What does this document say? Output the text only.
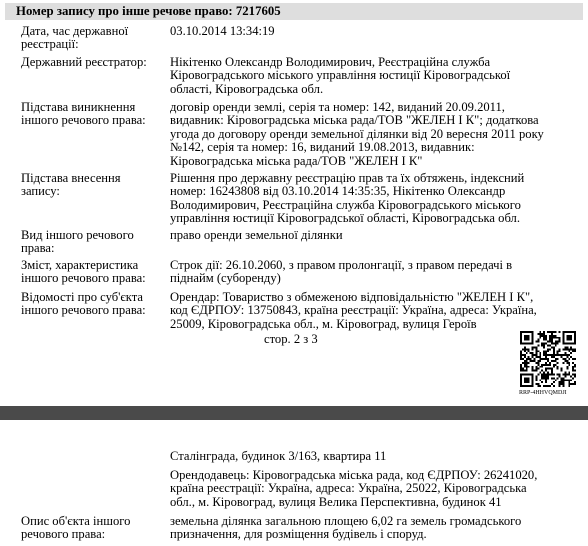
Номер запису про інше речове право: 7217605
Дата, час державної
реєстрації:
03.10.2014 13:34:19
Державний реєстратор:	Нікітенко Олександр Володимирович, Реєстраційна служба
Кіровоградського міського управління юстиції Кіровоградської
області, Кіровоградська обл.
Підстава виникнення
іншого речового права:
договір оренди землі, серія та номер: 142, виданий 20.09.2011,
видавник: Кіровоградська міська рада/ТОВ "ЖЕЛЕН І К"; додаткова
угода до договору оренди земельної ділянки від 20 вересня 2011 року
№142, серія та номер: 16, виданий 19.08.2013, видавник:
Кіровоградська міська рада/ТОВ "ЖЕЛЕН І К"
Підстава внесення
запису:
Рішення про державну реєстрацію прав та їх обтяжень, індексний
номер: 16243808 від 03.10.2014 14:35:35, Нікітенко Олександр
Володимирович, Реєстраційна служба Кіровоградського міського
управління юстиції Кіровоградської області, Кіровоградська обл.
Вид іншого речового
права:
право оренди земельної ділянки
Зміст, характеристика
іншого речового права:
Строк дії: 26.10.2060, з правом пролонгації, з правом передачі в
піднайм (суборенду)
Відомості про суб'єкта
іншого речового права:
Орендар: Товариство з обмеженою відповідальністю "ЖЕЛЕН І К",
код ЄДРПОУ: 13750843, країна реєстрації: Україна, адреса: Україна,
25009, Кіровоградська обл., м. Кіровоград, вулиця Героїв
стор. 2 з 3
RRP-4HHVQMDJI
Сталінграда, будинок 3/163, квартира 11
Орендодавець: Кіровоградська міська рада, код ЄДРПОУ: 26241020,
країна реєстрації: Україна, адреса: Україна, 25022, Кіровоградська
обл., м. Кіровоград, вулиця Велика Перспективна, будинок 41
Опис об'єкта іншого
речового права:
земельна ділянка загальною площею 6,02 га земель громадського
призначення, для розміщення будівель і споруд.
